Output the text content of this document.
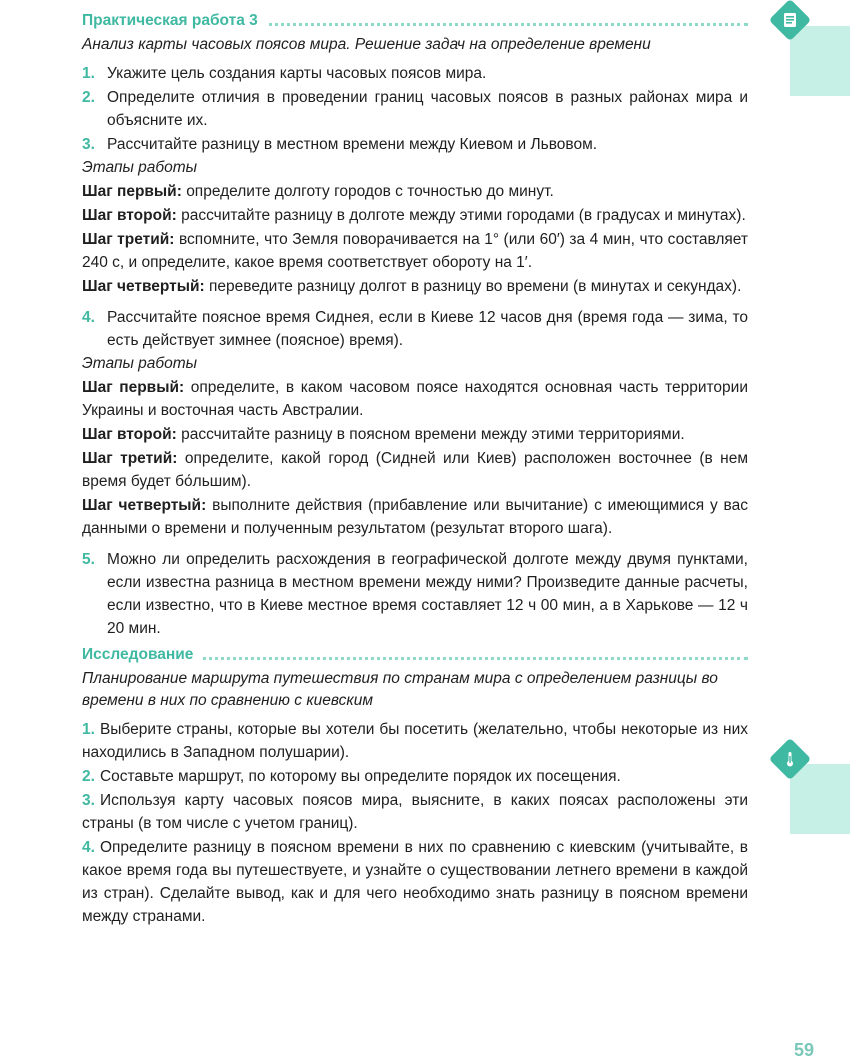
59
Практическая работа 3
Анализ карты часовых поясов мира. Решение задач на определение времени
1. Укажите цель создания карты часовых поясов мира.
2. Определите отличия в проведении границ часовых поясов в разных районах мира и объясните их.
3. Рассчитайте разницу в местном времени между Киевом и Львовом.
Этапы работы
Шаг первый: определите долготу городов с точностью до минут.
Шаг второй: рассчитайте разницу в долготе между этими городами (в градусах и минутах).
Шаг третий: вспомните, что Земля поворачивается на 1° (или 60′) за 4 мин, что составляет 240 с, и определите, какое время соответствует обороту на 1′.
Шаг четвертый: переведите разницу долгот в разницу во времени (в минутах и секундах).
4. Рассчитайте поясное время Сиднея, если в Киеве 12 часов дня (время года — зима, то есть действует зимнее (поясное) время).
Этапы работы
Шаг первый: определите, в каком часовом поясе находятся основная часть территории Украины и восточная часть Австралии.
Шаг второй: рассчитайте разницу в поясном времени между этими территориями.
Шаг третий: определите, какой город (Сидней или Киев) расположен восточнее (в нем время будет бо́льшим).
Шаг четвертый: выполните действия (прибавление или вычитание) с имеющимися у вас данными о времени и полученным результатом (результат второго шага).
5. Можно ли определить расхождения в географической долготе между двумя пунктами, если известна разница в местном времени между ними? Произведите данные расчеты, если известно, что в Киеве местное время составляет 12 ч 00 мин, а в Харькове — 12 ч 20 мин.
Исследование
Планирование маршрута путешествия по странам мира с определением разницы во времени в них по сравнению с киевским
1. Выберите страны, которые вы хотели бы посетить (желательно, чтобы некоторые из них находились в Западном полушарии).
2. Составьте маршрут, по которому вы определите порядок их посещения.
3. Используя карту часовых поясов мира, выясните, в каких поясах расположены эти страны (в том числе с учетом границ).
4. Определите разницу в поясном времени в них по сравнению с киевским (учитывайте, в какое время года вы путешествуете, и узнайте о существовании летнего времени в каждой из стран). Сделайте вывод, как и для чего необходимо знать разницу в поясном времени между странами.
